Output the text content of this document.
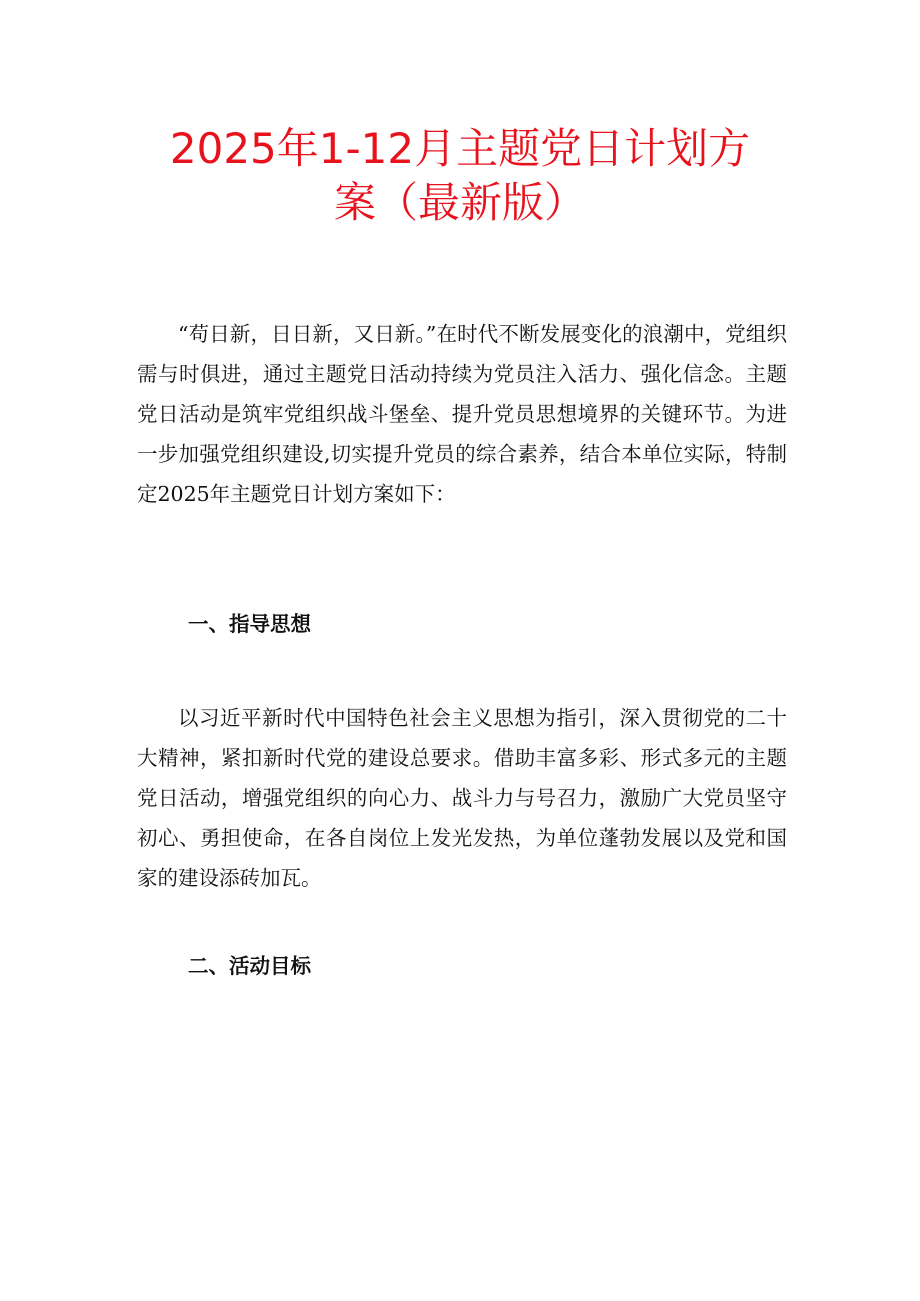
2025年1-12月主题党日计划方
案（最新版）

“苟日新，日日新，又日新。”在时代不断发展变化的浪潮中，党组织需与时俱进，通过主题党日活动持续为党员注入活力、强化信念。主题党日活动是筑牢党组织战斗堡垒、提升党员思想境界的关键环节。为进一步加强党组织建设,切实提升党员的综合素养，结合本单位实际，特制定2025年主题党日计划方案如下：

一、指导思想

以习近平新时代中国特色社会主义思想为指引，深入贯彻党的二十大精神，紧扣新时代党的建设总要求。借助丰富多彩、形式多元的主题党日活动，增强党组织的向心力、战斗力与号召力，激励广大党员坚守初心、勇担使命，在各自岗位上发光发热，为单位蓬勃发展以及党和国家的建设添砖加瓦。

二、活动目标
